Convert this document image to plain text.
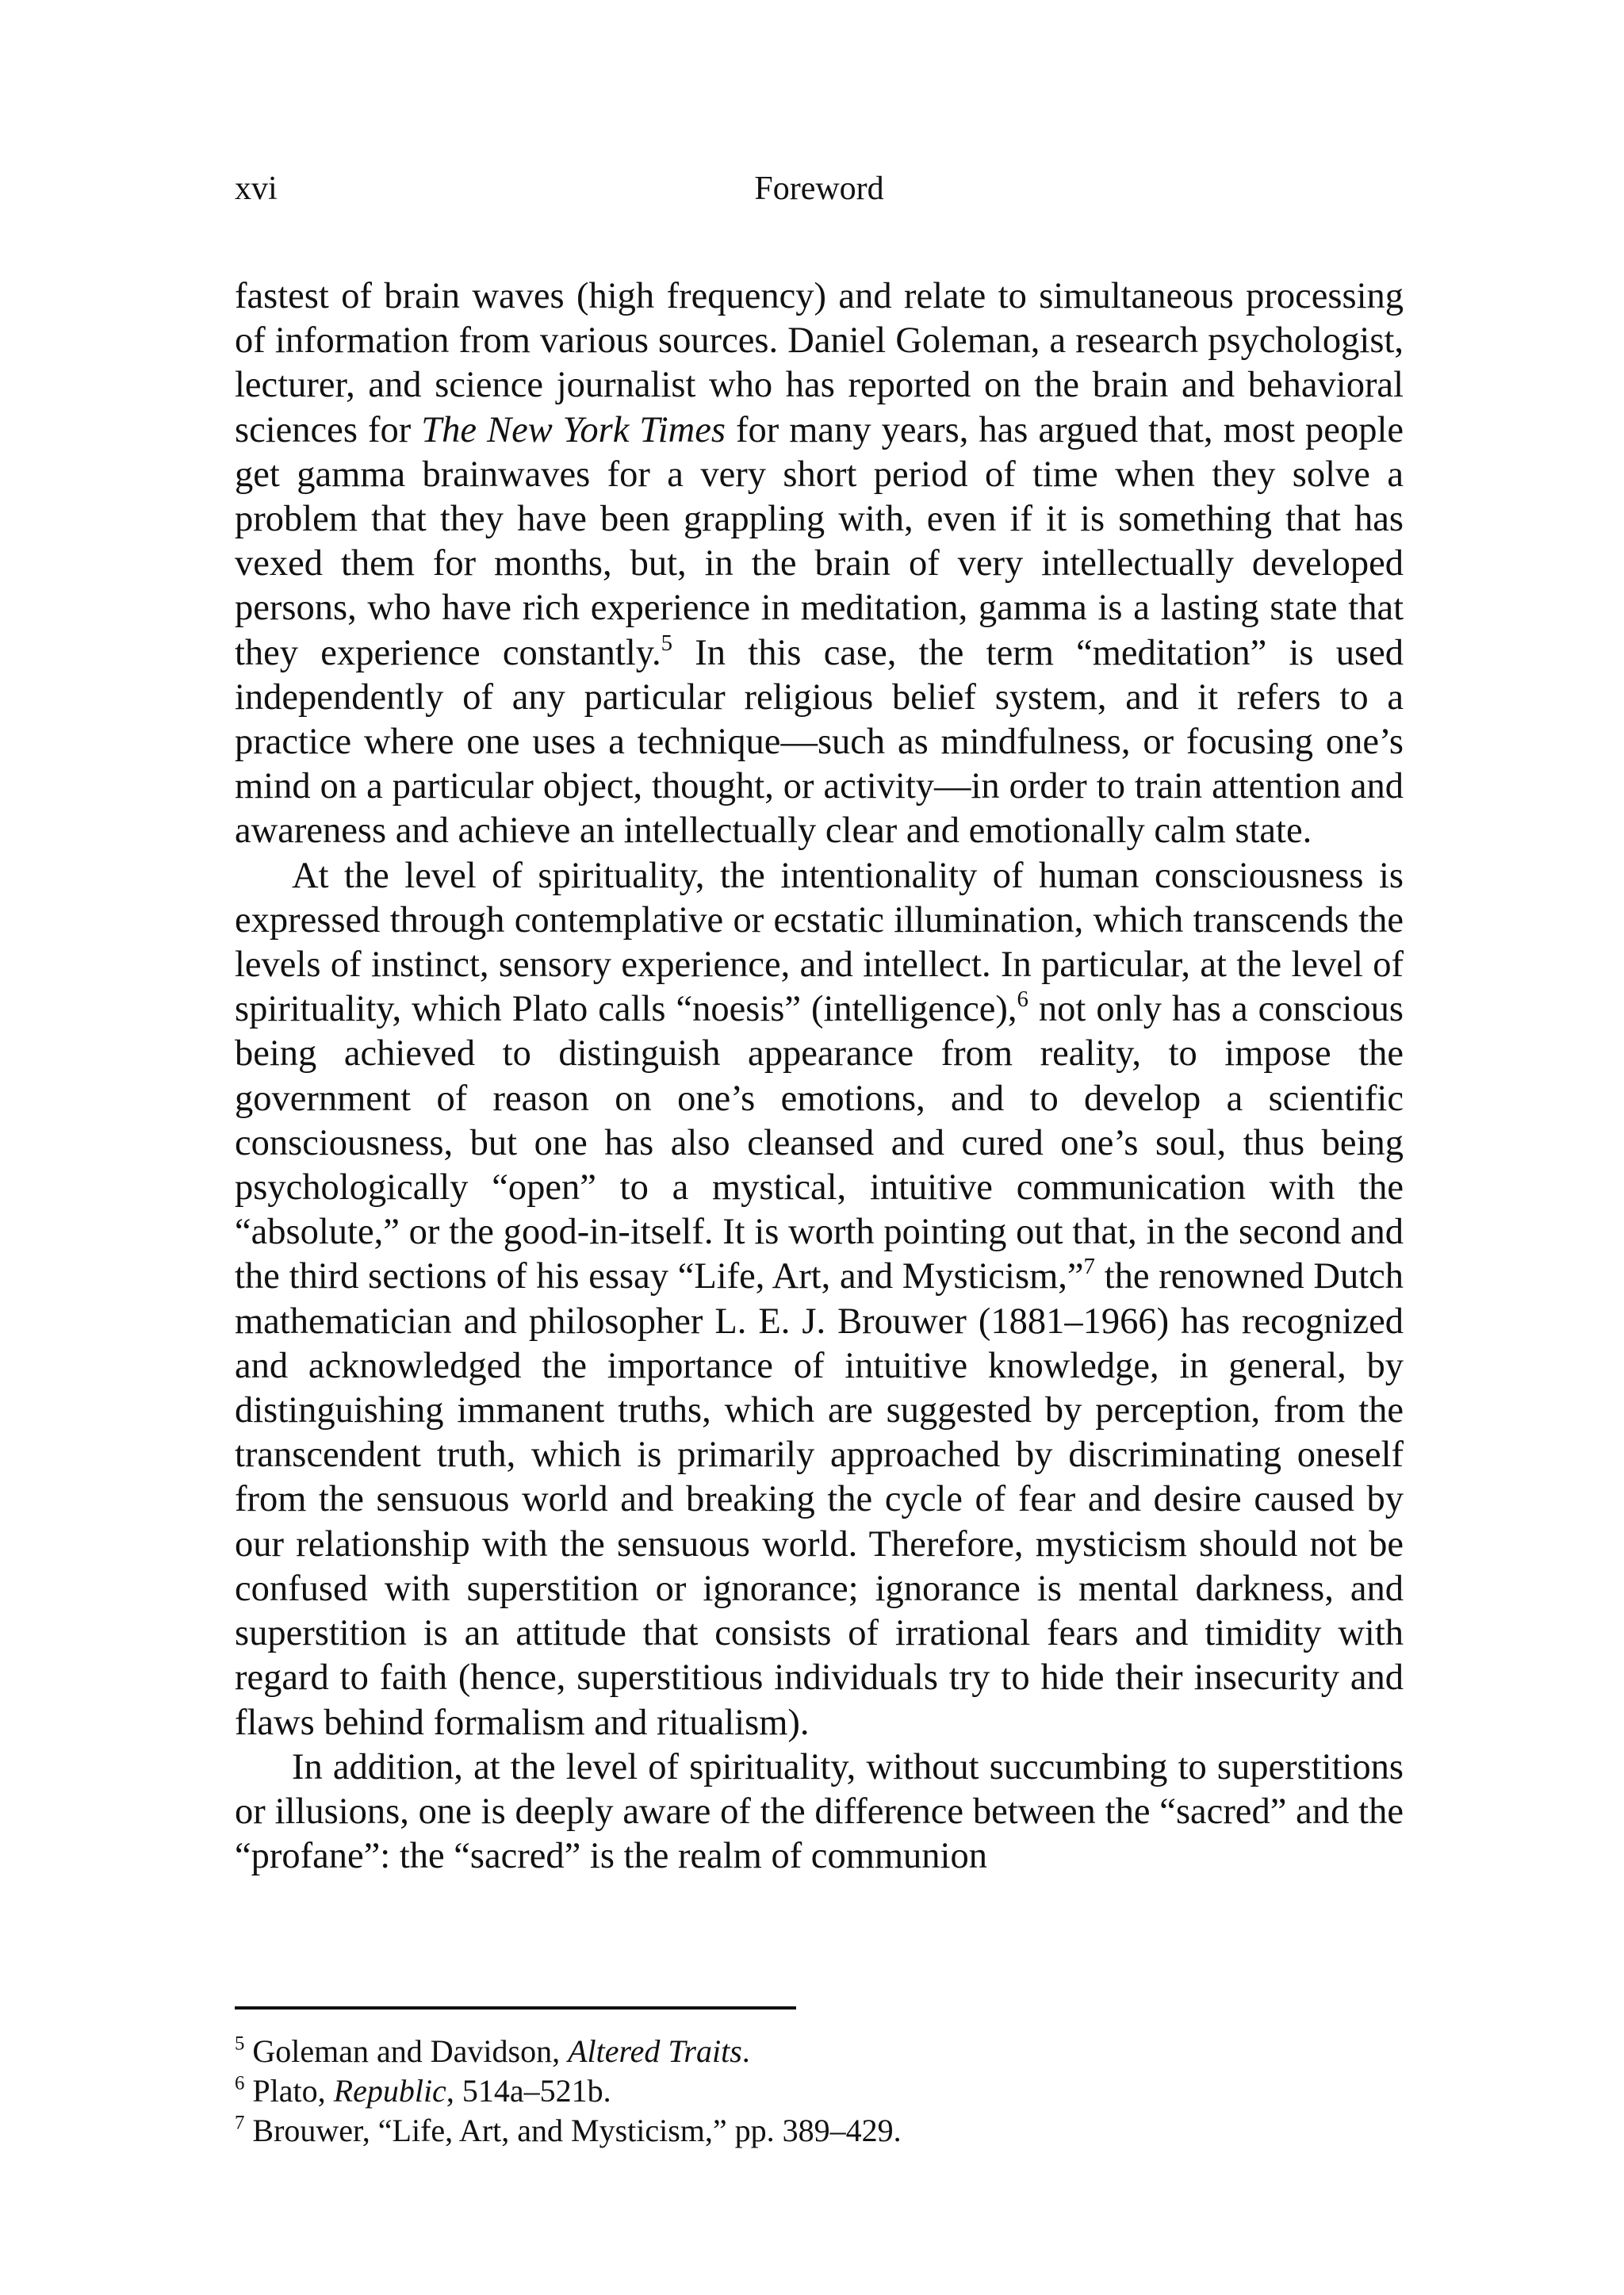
xvi	Foreword

fastest of brain waves (high frequency) and relate to simultaneous processing of information from various sources. Daniel Goleman, a research psychologist, lecturer, and science journalist who has reported on the brain and behavioral sciences for The New York Times for many years, has argued that, most people get gamma brainwaves for a very short period of time when they solve a problem that they have been grappling with, even if it is something that has vexed them for months, but, in the brain of very intellectually developed persons, who have rich experience in meditation, gamma is a lasting state that they experience constantly.$^5$ In this case, the term “meditation” is used independently of any particular religious belief system, and it refers to a practice where one uses a technique—such as mindfulness, or focusing one’s mind on a particular object, thought, or activity—in order to train attention and awareness and achieve an intellectually clear and emotionally calm state.

At the level of spirituality, the intentionality of human consciousness is expressed through contemplative or ecstatic illumination, which transcends the levels of instinct, sensory experience, and intellect. In particular, at the level of spirituality, which Plato calls “noesis” (intelligence),$^6$ not only has a conscious being achieved to distinguish appearance from reality, to impose the government of reason on one’s emotions, and to develop a scientific consciousness, but one has also cleansed and cured one’s soul, thus being psychologically “open” to a mystical, intuitive communication with the “absolute,” or the good-in-itself. It is worth pointing out that, in the second and the third sections of his essay “Life, Art, and Mysticism,”$^7$ the renowned Dutch mathematician and philosopher L. E. J. Brouwer (1881–1966) has recognized and acknowledged the importance of intuitive knowledge, in general, by distinguishing immanent truths, which are suggested by perception, from the transcendent truth, which is primarily approached by discriminating oneself from the sensuous world and breaking the cycle of fear and desire caused by our relationship with the sensuous world. Therefore, mysticism should not be confused with superstition or ignorance; ignorance is mental darkness, and superstition is an attitude that consists of irrational fears and timidity with regard to faith (hence, superstitious individuals try to hide their insecurity and flaws behind formalism and ritualism).

In addition, at the level of spirituality, without succumbing to superstitions or illusions, one is deeply aware of the difference between the “sacred” and the “profane”: the “sacred” is the realm of communion

$^5$ Goleman and Davidson, Altered Traits.

$^6$ Plato, Republic, 514a–521b.

$^7$ Brouwer, “Life, Art, and Mysticism,” pp. 389–429.
